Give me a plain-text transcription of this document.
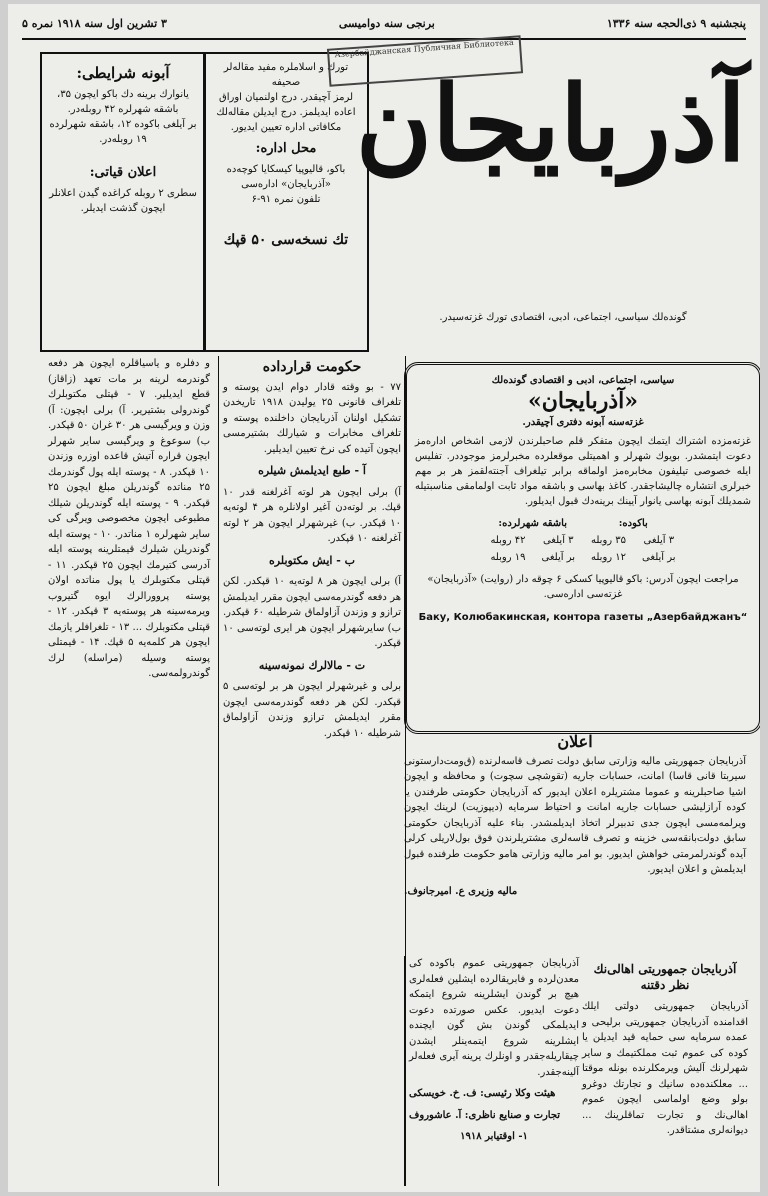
پنجشنبه ۹ ذی‌الحجه سنه ۱۳۳۶
برنجی سنه دوامیسی
۳ تشرین اول سنه ۱۹۱۸ نمره ۵
تورك و اسلاملره مفید مقاله‌لر صحیفه
لرمز آچیقدر. درج اولنمیان اوراق
اعاده ایدیلمز. درج ایدیلن مقاله‌لك
مكافاتی اداره تعیین ایدیور.
محل اداره:
باكو، قالیوپیا كیسكایا كوچه‌ده
«آذربایجان» اداره‌سی
تلفون نمره ۹۱-۶
تك نسخه‌سی ۵۰ قپك
آبونه شرایطی:
یانوارك برینه دك باكو ایچون ۳۵،
باشقه شهرلره ۴۲ روبله‌در.
بر آیلغی باكوده ۱۲، باشقه شهرلرده
۱۹ روبله‌در.
اعلان قیاتی:
سطری ۲ روبله كراغده گیدن اعلانلر
ایچون گذشت ایدیلر.
Азербайджанская Публичная Библиотека
آذربایجان
گونده‌لك سیاسی، اجتماعی، ادبی، اقتصادی تورك غزته‌سیدر.
و دفلره و یاسیاقلره ایچون هر دفعه گوندرمه لرینه بر مات تعهد (زاقاز) قطع ایدیلیر. ۷ - قپتلی مكتوبلرك گوندرولی بشتیریر. آ) برلی ایچون: آ) وزن و ویرگیسی هر ۳۰ غران ۵۰ قپكدر. ب) سوعوغ و ویرگیسی سایر شهرلر ایچون قراره آتیش قاعده اوزره وزندن ۱۰ قپكدر. ۸ - پوسته ایله پول گوندرمك ۲۵ مناتده گوندریلن مبلغ ایچون ۲۵ قپكدر. ۹ - پوسته ایله گوندریلن شیلك مطبوعی ایچون مخصوصی ویرگی كی سایر شهرلره ۱ مناتدر. ۱۰ - پوسته ایله گوندریلن شیلرك قیمتلرینه پوسته ایله آدرسی كتیرمك ایچون ۲۵ قپكدر. ۱۱ - قپتلی مكتوبلرك یا پول مناتده اولان پوسته پروورالرك ایوه گتیروب ویرمه‌سینه هر پوسته‌یه ۳ قپكدر. ۱۲ - قپتلی مكتوبلرك ... ۱۳ - تلغرافلر یازمك ایچون هر كلمه‌یه ۵ قپك. ۱۴ - قیمتلی پوسته وسیله (مراسله) لرك گوندرولمه‌سی.
حكومت قرارداده
۷۷ - بو وقته قادار دوام ایدن پوسته و تلغراف قانونی ۲۵ یولیدن ۱۹۱۸ تاریخدن تشكیل اولنان آذربایجان داخلنده پوسته و تلغراف مخابرات و شیارلك بشتیرمسی ایچون آتیده كی نرخ تعیین ایدیلیر.
آ - طبع ایدیلمش شیلره
آ) برلی ایچون هر لوته آغرلغنه قدر ۱۰ قپك. بر لوته‌دن آغیر اولانلره هر ۴ لوته‌یه ۱۰ قپكدر. ب) غیرشهرلر ایچون هر ۲ لوته آغرلغنه ۱۰ قپكدر.
ب - ایش مكتوبلره
آ) برلی ایچون هر ۸ لوته‌یه ۱۰ قپكدر. لكن هر دفعه گوندرمه‌سی ایچون مقرر ایدیلمش ترازو و وزندن آزاولماق شرطیله ۶۰ قپكدر. ب) سایرشهرلر ایچون هر ایری لوته‌سی ۱۰ قپكدر.
ت - مالالرك نمونه‌سینه
برلی و غیرشهرلر ایچون هر بر لوته‌سی ۵ قپكدر. لكن هر دفعه گوندرمه‌سی ایچون مقرر ایدیلمش ترازو وزندن آزاولماق شرطیله ۱۰ قپكدر.
سیاسی، اجتماعی، ادبی و اقتصادی گونده‌لك
«آذربایجان»
غزته‌سنه آبونه دفتری آچیقدر.
غزته‌مزده اشتراك ایتمك ایچون متفكر قلم صاحبلرندن لازمی اشخاص اداره‌مز دعوت ایتمشدر. بویوك شهرلر و اهمیتلی موقعلرده مخبرلرمز موجوددر. تفلیس ایله خصوصی تیلیفون مخابره‌مز اولماقه برابر تیلغراف آجنته‌لقمز هر بر مهم خبرلری انتشاره چالیشاجقدر. كاغذ بهاسی و باشقه مواد ثابت اولمامقی مناسبتیله شمدیلك آبونه بهاسی یانوار آیینك برینه‌دك قبول ایدیلور.
باكوده:		باشقه شهرلرده:	
۳ آیلغی	۳۵ روبله	۳ آیلغی	۴۲ روبله
بر آیلغی	۱۲ روبله	بر آیلغی	۱۹ روبله
مراجعت ایچون آدرس: باكو قالیوپیا كسكی ۶ چوقه دار (روایت) «آذربایجان» غزته‌سی اداره‌سی.
Баку, Колюбакинская, контора газеты „Азербайджанъ“
اعلان
آذربایجان جمهوریتی مالیه وزارتی سابق دولت تصرف قاسه‌لرنده (ق‌ومت‌دار‌ستونی سیربتا قانی قاسا) امانت، حسابات جاریه (تقوشچی سچوت) و محافظه و ایچون اشیا صاحبلرینه و عموما مشتریلره اعلان ایدیور كه آذربایجان حكومتی طرفندن یا كوده آرازلیشی حسابات جاریه امانت و احتیاط سرمایه (دیپوزیت) لرینك ایچون ویرلمه‌مسی ایچون جدی تدبیرلر اتخاذ ایدیلمشدر. بناء علیه آذربایجان حكومتی سابق دولت‌بانقه‌سی خزینه و تصرف قاسه‌لری مشتریلرندن فوق بول‌لاریلی كرلی آیده گوندرلمرمتی خواهش ایدیور. بو امر مالیه وزارتی هامو حكومت طرفنده قبول ایدیلمش و اعلان ایدیور.
مالیه وزیری ع. امیرجانوف.
آذربایجان جمهوریتی اهالی‌نك نظر دقتنه
آذربایجان جمهوریتی دولتی ایلك اقدامنده آذربایجان جمهوریتی برلیحی و عمده سرمایه سی حمایه قید ایدیلن یا كوده كی عموم ثبت مملكتیمك و سایر شهرلرنك آلیش ویرمكلرنده بونله موقتا ... معلكنده‌ده سانیك و تجارتك دوغرو بولو وضع اولماسی ایچون عموم اهالی‌نك و تجارت تماقلرینك ... دیوانه‌لری مشتاقدر.
آذربایجان جمهوریتی عموم باكوده كی معدن‌لرده و فابریقالرده ایشلین فعله‌لری هیچ بر گوندن ایشلرینه شروع ایتمكه دعوت ایدیور. عكس صورتده دعوت ایدیلمكی گوندن بش گون ایچنده ایشلرینه شروع ایتمه‌ینلر ایشدن چیقاریله‌جقدر و اونلرك یرینه آیری فعله‌لر آلینه‌جقدر.
هیئت وكلا رئیسی: ف. خ. خویسكی
تجارت و صنایع ناظری: آ. عاشوروف
۱- اوقتیابر ۱۹۱۸
